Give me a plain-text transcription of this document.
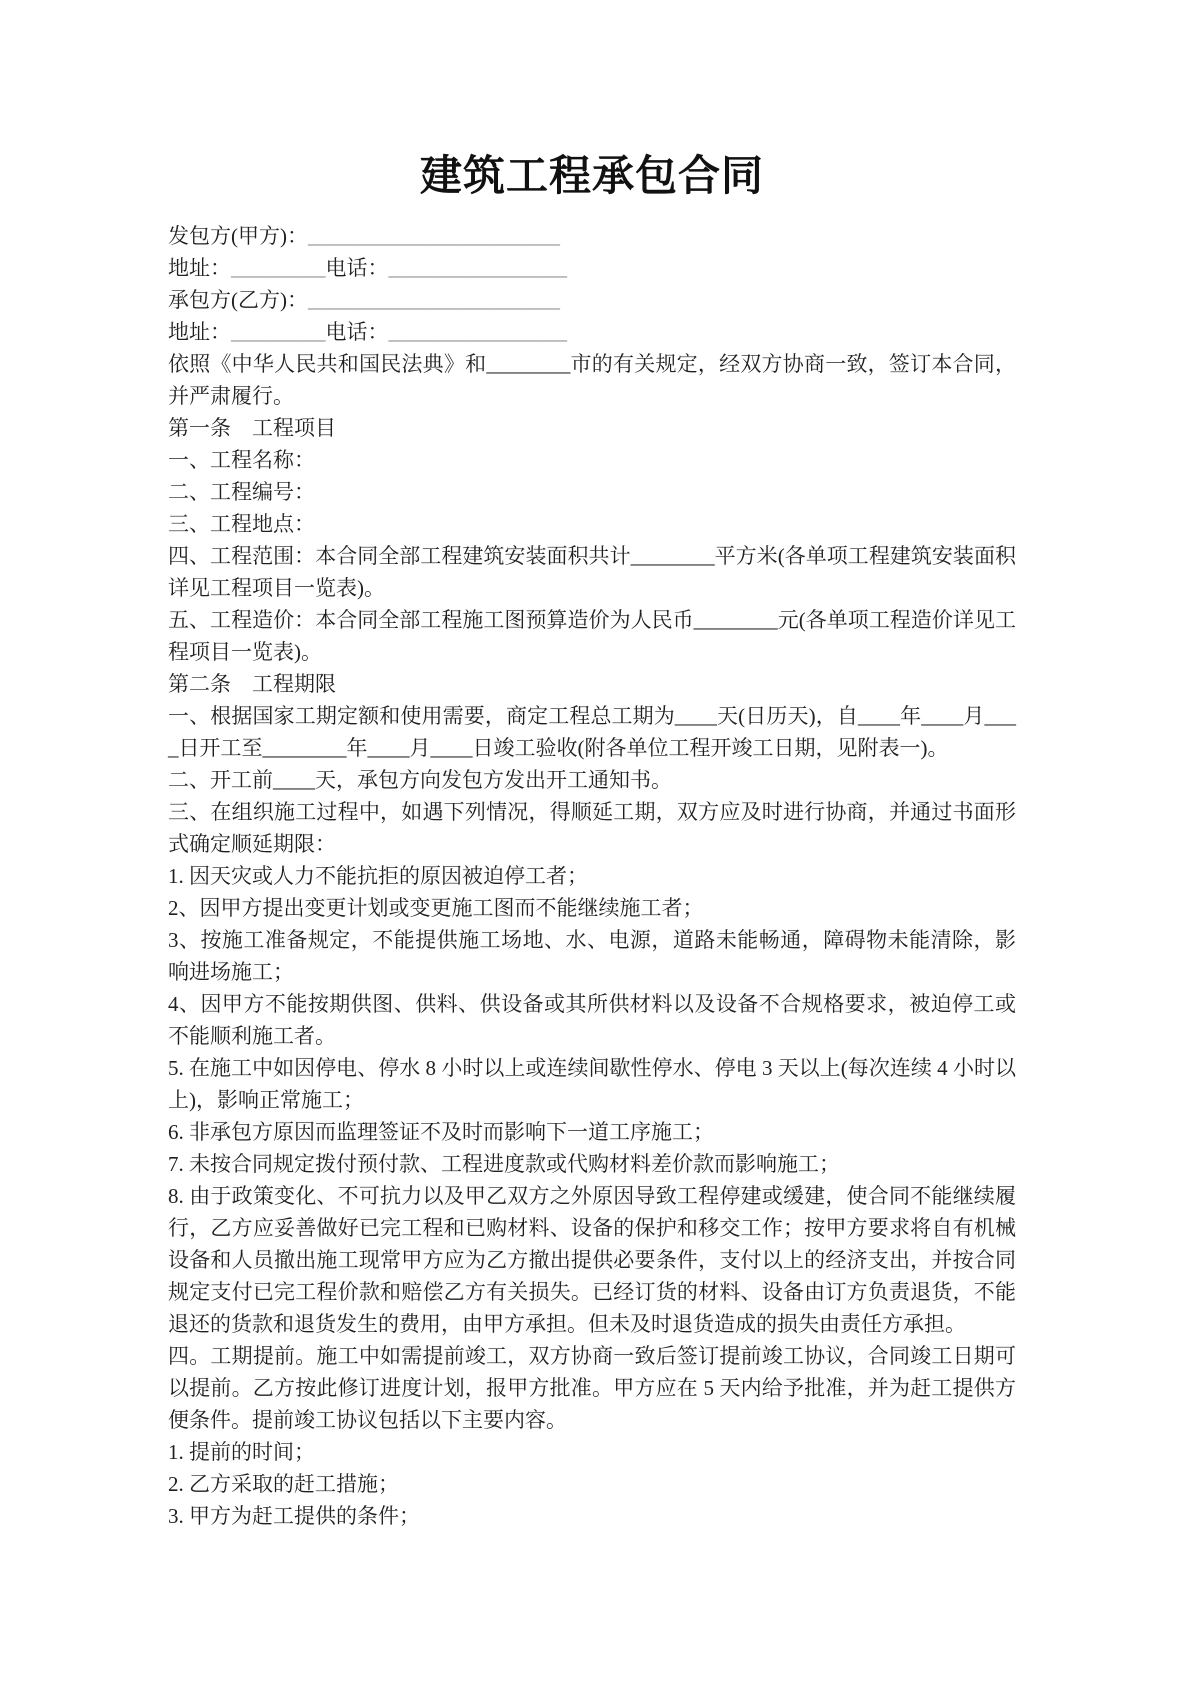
建筑工程承包合同
发包方(甲方)：________________________
地址：_________电话：_________________
承包方(乙方)：________________________
地址：_________电话：_________________

依照《中华人民共和国民法典》和________市的有关规定，经双方协商一致，签订本合同，并严肃履行。

第一条　工程项目

一、工程名称：

二、工程编号：

三、工程地点：

四、工程范围：本合同全部工程建筑安装面积共计________平方米(各单项工程建筑安装面积详见工程项目一览表)。

五、工程造价：本合同全部工程施工图预算造价为人民币________元(各单项工程造价详见工程项目一览表)。

第二条　工程期限

一、根据国家工期定额和使用需要，商定工程总工期为____天(日历天)，自____年____月____日开工至________年____月____日竣工验收(附各单位工程开竣工日期，见附表一)。

二、开工前____天，承包方向发包方发出开工通知书。

三、在组织施工过程中，如遇下列情况，得顺延工期，双方应及时进行协商，并通过书面形式确定顺延期限：

1. 因天灾或人力不能抗拒的原因被迫停工者；

2、因甲方提出变更计划或变更施工图而不能继续施工者；

3、按施工准备规定，不能提供施工场地、水、电源，道路未能畅通，障碍物未能清除，影响进场施工；

4、因甲方不能按期供图、供料、供设备或其所供材料以及设备不合规格要求，被迫停工或不能顺利施工者。

5. 在施工中如因停电、停水 8 小时以上或连续间歇性停水、停电 3 天以上(每次连续 4 小时以上)，影响正常施工；

6. 非承包方原因而监理签证不及时而影响下一道工序施工；

7. 未按合同规定拨付预付款、工程进度款或代购材料差价款而影响施工；

8. 由于政策变化、不可抗力以及甲乙双方之外原因导致工程停建或缓建，使合同不能继续履行，乙方应妥善做好已完工程和已购材料、设备的保护和移交工作；按甲方要求将自有机械设备和人员撤出施工现常甲方应为乙方撤出提供必要条件，支付以上的经济支出，并按合同规定支付已完工程价款和赔偿乙方有关损失。已经订货的材料、设备由订方负责退货，不能退还的货款和退货发生的费用，由甲方承担。但未及时退货造成的损失由责任方承担。

四。工期提前。施工中如需提前竣工，双方协商一致后签订提前竣工协议，合同竣工日期可以提前。乙方按此修订进度计划，报甲方批准。甲方应在 5 天内给予批准，并为赶工提供方便条件。提前竣工协议包括以下主要内容。

1. 提前的时间；

2. 乙方采取的赶工措施；

3. 甲方为赶工提供的条件；
